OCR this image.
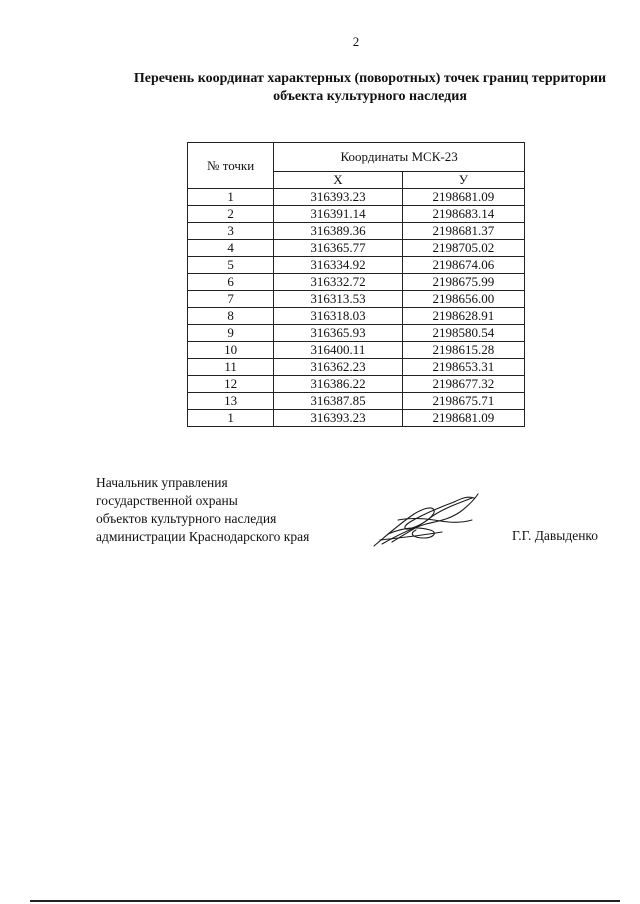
2
Перечень координат характерных (поворотных) точек границ территории
объекта культурного наследия
№ точки	Координаты МСК-23	
	Х	У
1	316393.23	2198681.09
2	316391.14	2198683.14
3	316389.36	2198681.37
4	316365.77	2198705.02
5	316334.92	2198674.06
6	316332.72	2198675.99
7	316313.53	2198656.00
8	316318.03	2198628.91
9	316365.93	2198580.54
10	316400.11	2198615.28
11	316362.23	2198653.31
12	316386.22	2198677.32
13	316387.85	2198675.71
1	316393.23	2198681.09
Начальник управления
государственной охраны
объектов культурного наследия
администрации Краснодарского края	Г.Г. Давыденко
